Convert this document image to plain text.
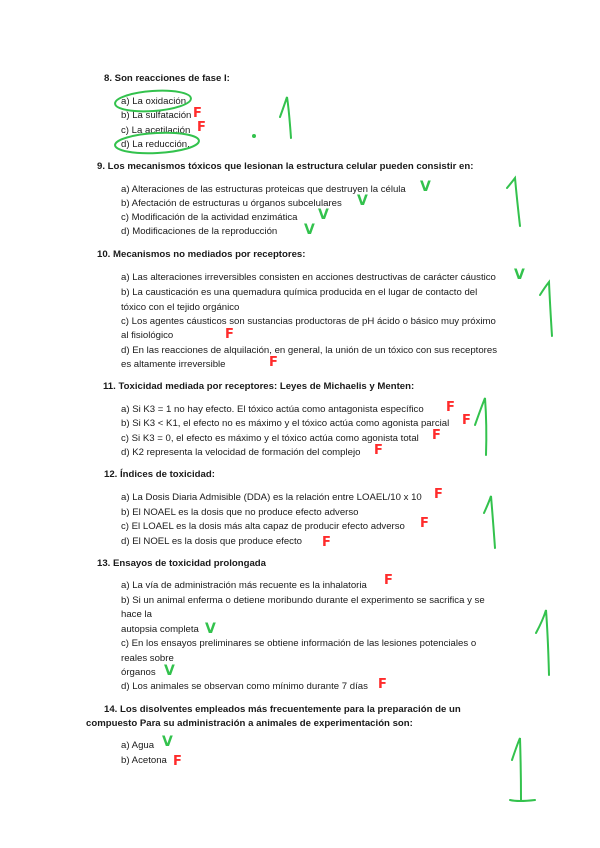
8. Son reacciones de fase I:
a) La oxidación
b) La sulfatación
c) La acetilación
d) La reducción.
9. Los mecanismos tóxicos que lesionan la estructura celular pueden consistir en:
a) Alteraciones de las estructuras proteicas que destruyen la célula
b) Afectación de estructuras u órganos subcelulares
c) Modificación de la actividad enzimática
d) Modificaciones de la reproducción
10. Mecanismos no mediados por receptores:
a) Las alteraciones irreversibles consisten en acciones destructivas de carácter cáustico
b) La causticación es una quemadura química producida en el lugar de contacto del
tóxico con el tejido orgánico
c) Los agentes cáusticos son sustancias productoras de pH ácido o básico muy próximo
al fisiológico
d) En las reacciones de alquilación, en general, la unión de un tóxico con sus receptores
es altamente irreversible
11. Toxicidad mediada por receptores: Leyes de Michaelis y Menten:
a) Si K3 = 1 no hay efecto. El tóxico actúa como antagonista específico
b) Si K3 < K1, el efecto no es máximo y el tóxico actúa como agonista parcial
c) Si K3 = 0, el efecto es máximo y el tóxico actúa como agonista total
d) K2 representa la velocidad de formación del complejo
12. Índices de toxicidad:
a) La Dosis Diaria Admisible (DDA) es la relación entre LOAEL/10 x 10
b) El NOAEL es la dosis que no produce efecto adverso
c) El LOAEL es la dosis más alta capaz de producir efecto adverso
d) El NOEL es la dosis que produce efecto
13. Ensayos de toxicidad prolongada
a) La vía de administración más recuente es la inhalatoria
b) Si un animal enferma o detiene moribundo durante el experimento se sacrifica y se
hace la
autopsia completa
c) En los ensayos preliminares se obtiene información de las lesiones potenciales o
reales sobre
órganos
d) Los animales se observan como mínimo durante 7 días
14. Los disolventes empleados más frecuentemente para la preparación de un
compuesto Para su administración a animales de experimentación son:
a) Agua
b) Acetona
F
F
V
V
V
V
V
F
F
F
F
F
F
F
F
F
F
V
V
F
V
F
